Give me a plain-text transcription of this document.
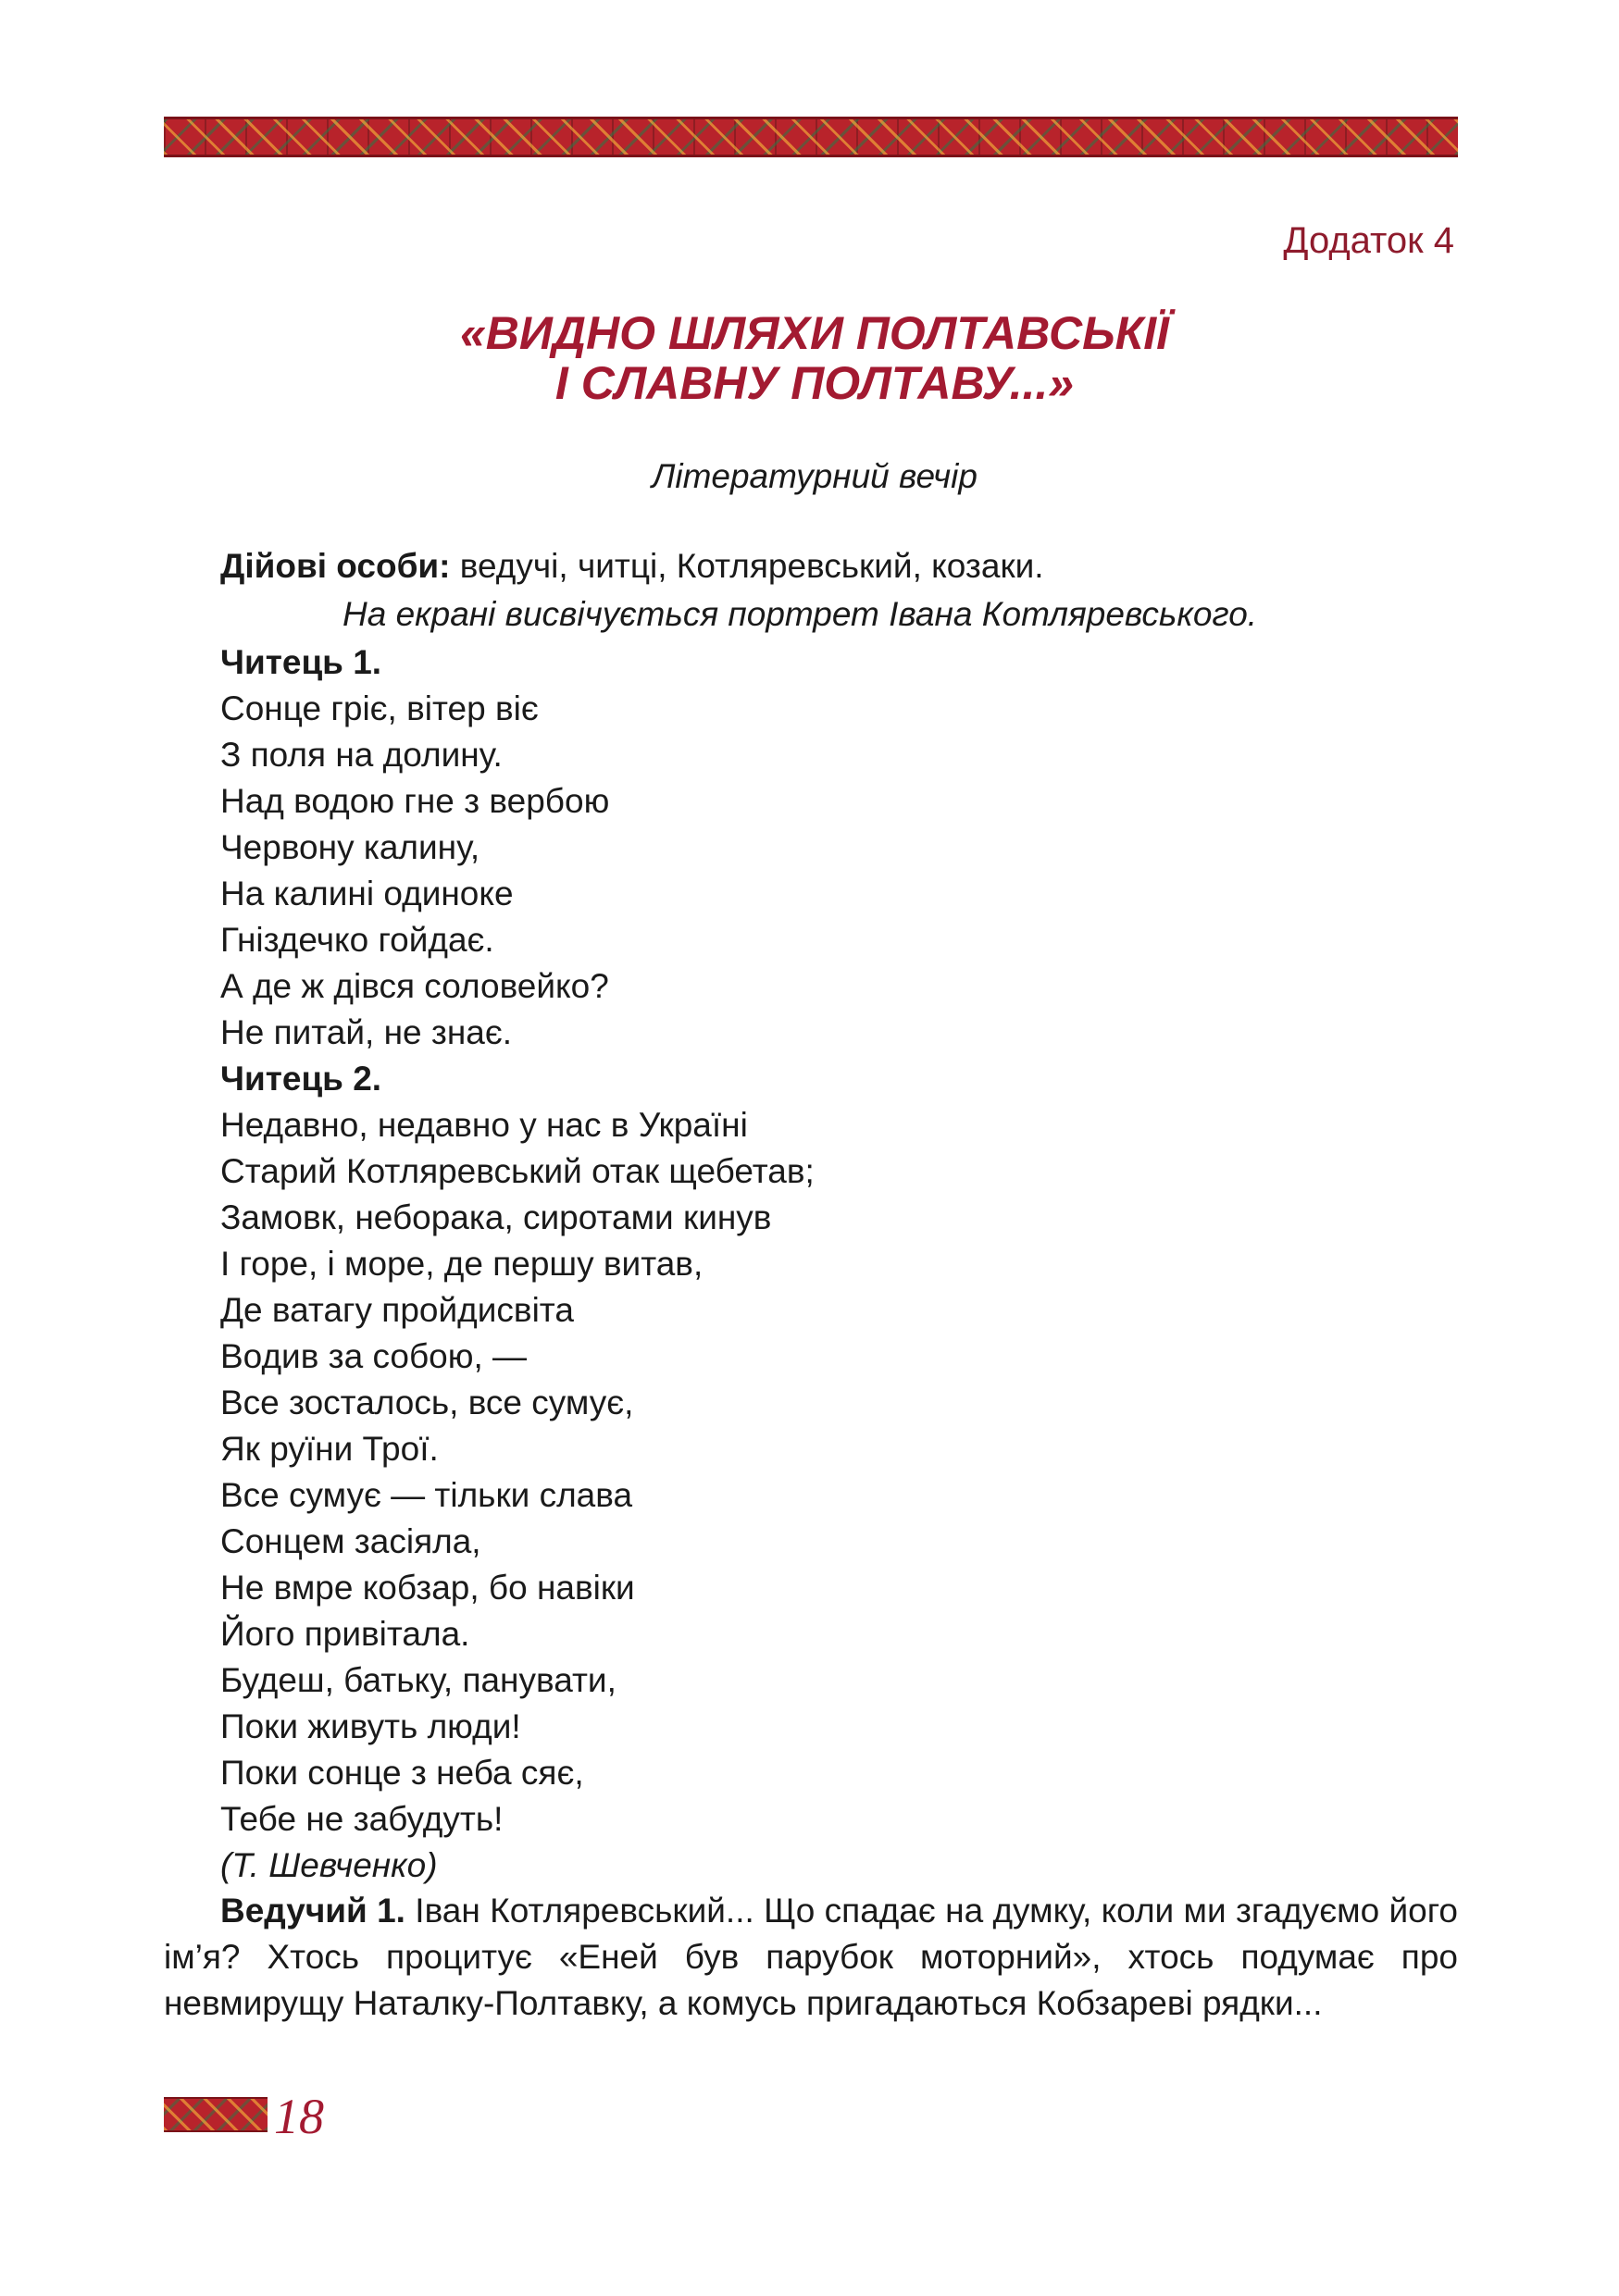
Додаток 4
«ВИДНО ШЛЯХИ ПОЛТАВСЬКІЇ
І СЛАВНУ ПОЛТАВУ...»
Літературний вечір
Дійові особи: ведучі, читці, Котляревський, козаки.
На екрані висвічується портрет Івана Котляревського.
Читець 1.
Сонце гріє, вітер віє
З поля на долину.
Над водою гне з вербою
Червону калину,
На калині одиноке
Гніздечко гойдає.
А де ж дівся соловейко?
Не питай, не знає.
Читець 2.
Недавно, недавно у нас в Україні
Старий Котляревський отак щебетав;
Замовк, небоpака, сиротами кинув
І горе, і море, де першу витав,
Де ватагу пройдисвіта
Водив за собою, —
Все зосталось, все сумує,
Як руїни Трої.
Все сумує — тільки слава
Сонцем засіяла,
Не вмре кобзар, бо навіки
Його привітала.
Будеш, батьку, панувати,
Поки живуть люди!
Поки сонце з неба сяє,
Тебе не забудуть!
(Т. Шевченко)
Ведучий 1. Іван Котляревський... Що спадає на думку, коли ми згадуємо його ім’я? Хтось процитує «Еней був парубок моторний», хтось подумає про невмирущу Наталку-Полтавку, а комусь пригадаються Кобзареві рядки...
18
